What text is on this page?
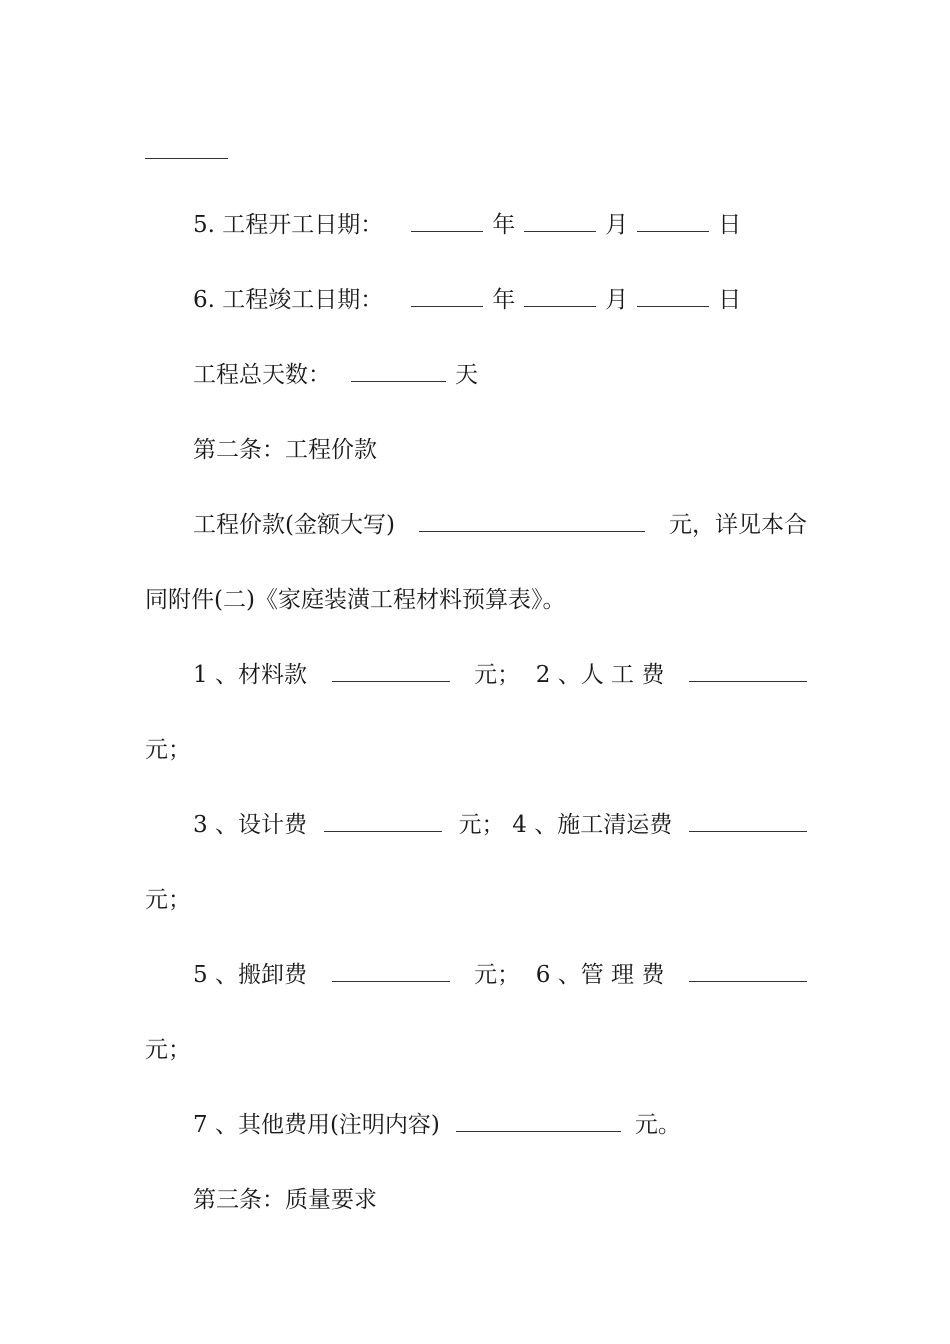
5. 工程开工日期：	年	月	日
6. 工程竣工日期：	年	月	日
工程总天数：	天
第二条：工程价款
工程价款(金额大写)	元，详见本合
同附件(二)《家庭装潢工程材料预算表》。
1 、材料款	元； 2 、人 工 费
元；
3 、设计费	元； 4 、施工清运费
元；
5 、搬卸费	元； 6 、管 理 费
元；
7 、其他费用(注明内容)	元。
第三条：质量要求
